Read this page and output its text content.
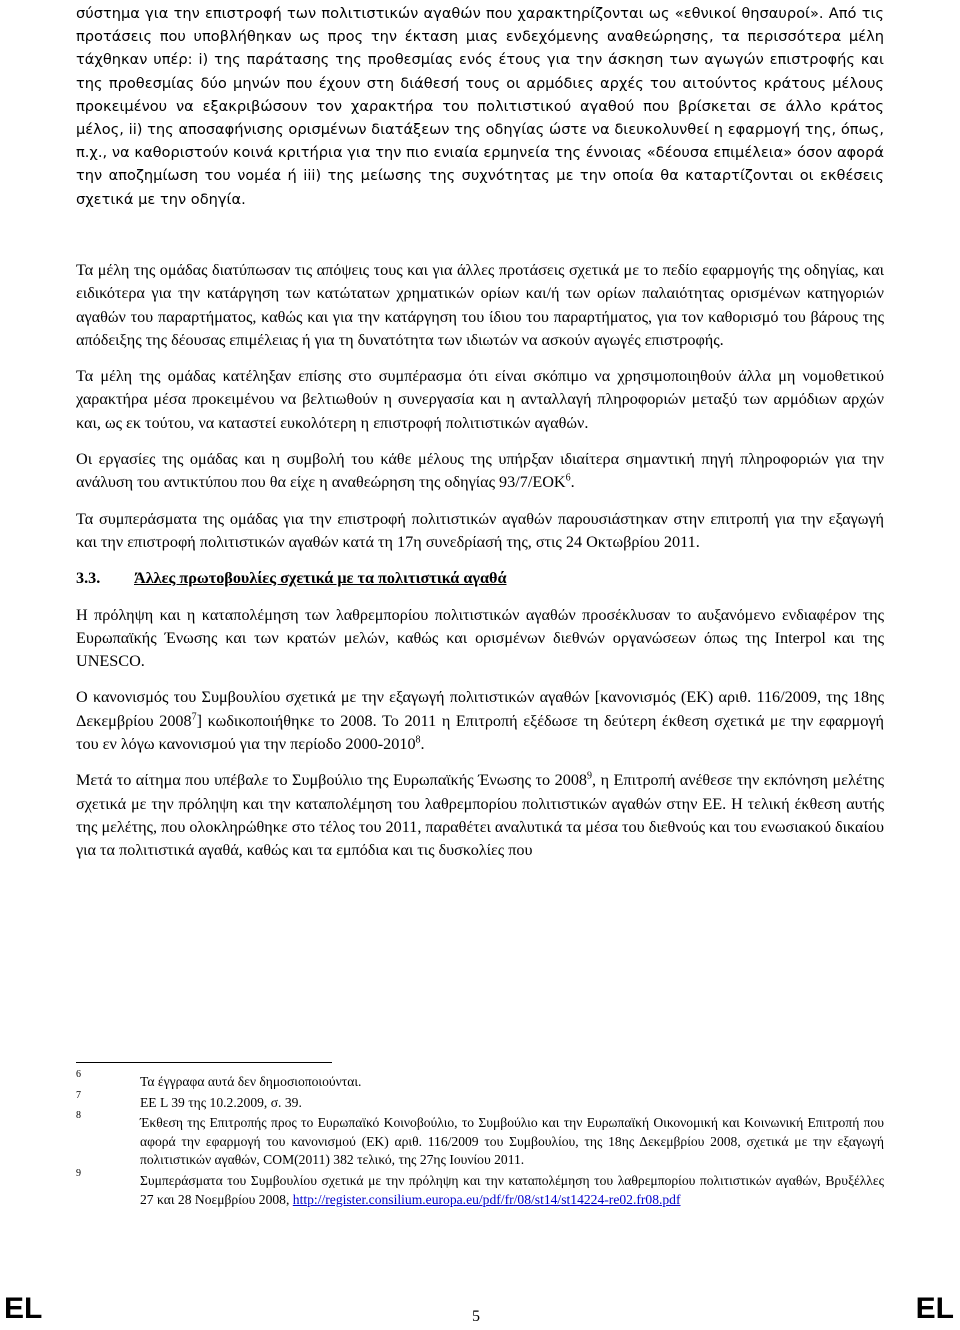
σύστημα για την επιστροφή των πολιτιστικών αγαθών που χαρακτηρίζονται ως «εθνικοί θησαυροί». Από τις προτάσεις που υποβλήθηκαν ως προς την έκταση μιας ενδεχόμενης αναθεώρησης, τα περισσότερα μέλη τάχθηκαν υπέρ: i) της παράτασης της προθεσμίας ενός έτους για την άσκηση των αγωγών επιστροφής και της προθεσμίας δύο μηνών που έχουν στη διάθεσή τους οι αρμόδιες αρχές του αιτούντος κράτους μέλους προκειμένου να εξακριβώσουν τον χαρακτήρα του πολιτιστικού αγαθού που βρίσκεται σε άλλο κράτος μέλος, ii) της αποσαφήνισης ορισμένων διατάξεων της οδηγίας ώστε να διευκολυνθεί η εφαρμογή της, όπως, π.χ., να καθοριστούν κοινά κριτήρια για την πιο ενιαία ερμηνεία της έννοιας «δέουσα επιμέλεια» όσον αφορά την αποζημίωση του νομέα ή iii) της μείωσης της συχνότητας με την οποία θα καταρτίζονται οι εκθέσεις σχετικά με την οδηγία.

Τα μέλη της ομάδας διατύπωσαν τις απόψεις τους και για άλλες προτάσεις σχετικά με το πεδίο εφαρμογής της οδηγίας, και ειδικότερα για την κατάργηση των κατώτατων χρηματικών ορίων και/ή των ορίων παλαιότητας ορισμένων κατηγοριών αγαθών του παραρτήματος, καθώς και για την κατάργηση του ίδιου του παραρτήματος, για τον καθορισμό του βάρους της απόδειξης της δέουσας επιμέλειας ή για τη δυνατότητα των ιδιωτών να ασκούν αγωγές επιστροφής.

Τα μέλη της ομάδας κατέληξαν επίσης στο συμπέρασμα ότι είναι σκόπιμο να χρησιμοποιηθούν άλλα μη νομοθετικού χαρακτήρα μέσα προκειμένου να βελτιωθούν η συνεργασία και η ανταλλαγή πληροφοριών μεταξύ των αρμόδιων αρχών και, ως εκ τούτου, να καταστεί ευκολότερη η επιστροφή πολιτιστικών αγαθών.

Οι εργασίες της ομάδας και η συμβολή του κάθε μέλους της υπήρξαν ιδιαίτερα σημαντική πηγή πληροφοριών για την ανάλυση του αντικτύπου που θα είχε η αναθεώρηση της οδηγίας 93/7/ΕΟΚ$^6$.

Τα συμπεράσματα της ομάδας για την επιστροφή πολιτιστικών αγαθών παρουσιάστηκαν στην επιτροπή για την εξαγωγή και την επιστροφή πολιτιστικών αγαθών κατά τη 17η συνεδρίασή της, στις 24 Οκτωβρίου 2011.

3.3.	Άλλες πρωτοβουλίες σχετικά με τα πολιτιστικά αγαθά

Η πρόληψη και η καταπολέμηση των λαθρεμπορίου πολιτιστικών αγαθών προσέκλυσαν το αυξανόμενο ενδιαφέρον της Ευρωπαϊκής Ένωσης και των κρατών μελών, καθώς και ορισμένων διεθνών οργανώσεων όπως της Interpol και της UNESCO.

Ο κανονισμός του Συμβουλίου σχετικά με την εξαγωγή πολιτιστικών αγαθών [κανονισμός (ΕΚ) αριθ. 116/2009, της 18ης Δεκεμβρίου 2008$^7$] κωδικοποιήθηκε το 2008. Το 2011 η Επιτροπή εξέδωσε τη δεύτερη έκθεση σχετικά με την εφαρμογή του εν λόγω κανονισμού για την περίοδο 2000-2010$^8$.

Μετά το αίτημα που υπέβαλε το Συμβούλιο της Ευρωπαϊκής Ένωσης το 2008$^9$, η Επιτροπή ανέθεσε την εκπόνηση μελέτης σχετικά με την πρόληψη και την καταπολέμηση του λαθρεμπορίου πολιτιστικών αγαθών στην ΕΕ. Η τελική έκθεση αυτής της μελέτης, που ολοκληρώθηκε στο τέλος του 2011, παραθέτει αναλυτικά τα μέσα του διεθνούς και του ενωσιακού δικαίου για τα πολιτιστικά αγαθά, καθώς και τα εμπόδια και τις δυσκολίες που

6	Τα έγγραφα αυτά δεν δημοσιοποιούνται.
7	ΕΕ L 39 της 10.2.2009, σ. 39.
8	Έκθεση της Επιτροπής προς το Ευρωπαϊκό Κοινοβούλιο, το Συμβούλιο και την Ευρωπαϊκή Οικονομική και Κοινωνική Επιτροπή που αφορά την εφαρμογή του κανονισμού (ΕΚ) αριθ. 116/2009 του Συμβουλίου, της 18ης Δεκεμβρίου 2008, σχετικά με την εξαγωγή πολιτιστικών αγαθών, COM(2011) 382 τελικό, της 27ης Ιουνίου 2011.
9	Συμπεράσματα του Συμβουλίου σχετικά με την πρόληψη και την καταπολέμηση του λαθρεμπορίου πολιτιστικών αγαθών, Βρυξέλλες 27 και 28 Νοεμβρίου 2008, http://register.consilium.europa.eu/pdf/fr/08/st14/st14224-re02.fr08.pdf
EL	5	EL
